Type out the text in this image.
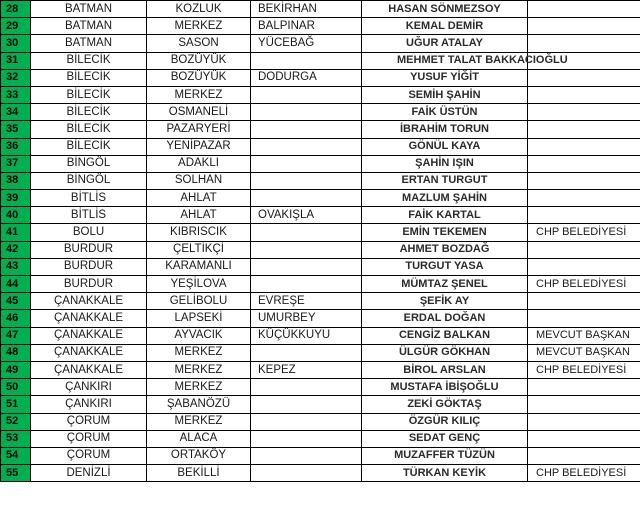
28	BATMAN	KOZLUK	BEKİRHAN	HASAN SÖNMEZSOY	
29	BATMAN	MERKEZ	BALPINAR	KEMAL DEMİR	
30	BATMAN	SASON	YÜCEBAĞ	UĞUR ATALAY	
31	BİLECİK	BOZÜYÜK		MEHMET TALAT BAKKACIOĞLU	
32	BİLECİK	BOZÜYÜK	DODURGA	YUSUF YİĞİT	
33	BİLECİK	MERKEZ		SEMİH ŞAHİN	
34	BİLECİK	OSMANELİ		FAİK ÜSTÜN	
35	BİLECİK	PAZARYERİ		İBRAHİM TORUN	
36	BİLECİK	YENİPAZAR		GÖNÜL KAYA	
37	BİNGÖL	ADAKLI		ŞAHİN IŞIN	
38	BİNGÖL	SOLHAN		ERTAN TURGUT	
39	BİTLİS	AHLAT		MAZLUM ŞAHİN	
40	BİTLİS	AHLAT	OVAKIŞLA	FAİK KARTAL	
41	BOLU	KIBRISCIK		EMİN TEKEMEN	CHP BELEDİYESİ
42	BURDUR	ÇELTİKÇİ		AHMET BOZDAĞ	
43	BURDUR	KARAMANLI		TURGUT YASA	
44	BURDUR	YEŞİLOVA		MÜMTAZ ŞENEL	CHP BELEDİYESİ
45	ÇANAKKALE	GELİBOLU	EVREŞE	ŞEFİK AY	
46	ÇANAKKALE	LAPSEKİ	UMURBEY	ERDAL DOĞAN	
47	ÇANAKKALE	AYVACIK	KÜÇÜKKUYU	CENGİZ BALKAN	MEVCUT BAŞKAN
48	ÇANAKKALE	MERKEZ		ÜLGÜR GÖKHAN	MEVCUT BAŞKAN
49	ÇANAKKALE	MERKEZ	KEPEZ	BİROL ARSLAN	CHP BELEDİYESİ
50	ÇANKIRI	MERKEZ		MUSTAFA İBİŞOĞLU	
51	ÇANKIRI	ŞABANÖZÜ		ZEKİ GÖKTAŞ	
52	ÇORUM	MERKEZ		ÖZGÜR KILIÇ	
53	ÇORUM	ALACA		SEDAT GENÇ	
54	ÇORUM	ORTAKÖY		MUZAFFER TÜZÜN	
55	DENİZLİ	BEKİLLİ		TÜRKAN KEYİK	CHP BELEDİYESİ
